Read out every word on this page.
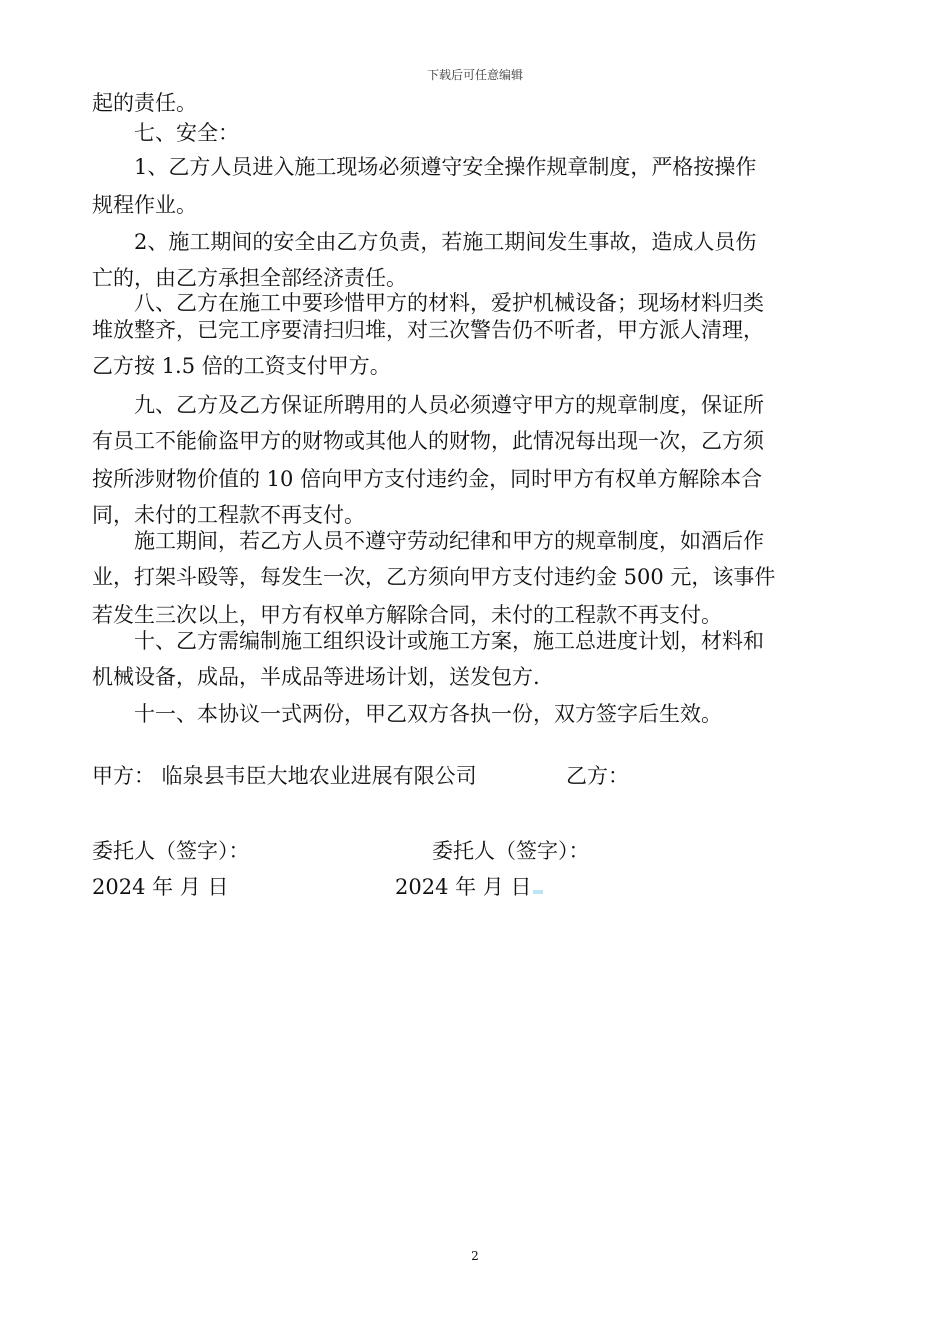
下载后可任意编辑
起的责任。
七、安全：
1、乙方人员进入施工现场必须遵守安全操作规章制度，严格按操作
规程作业。
2、施工期间的安全由乙方负责，若施工期间发生事故，造成人员伤
亡的，由乙方承担全部经济责任。
八、乙方在施工中要珍惜甲方的材料，爱护机械设备；现场材料归类
堆放整齐，已完工序要清扫归堆，对三次警告仍不听者，甲方派人清理，
乙方按 1.5 倍的工资支付甲方。
九、乙方及乙方保证所聘用的人员必须遵守甲方的规章制度，保证所
有员工不能偷盗甲方的财物或其他人的财物，此情况每出现一次，乙方须
按所涉财物价值的 10 倍向甲方支付违约金，同时甲方有权单方解除本合
同，未付的工程款不再支付。
施工期间，若乙方人员不遵守劳动纪律和甲方的规章制度，如酒后作
业，打架斗殴等，每发生一次，乙方须向甲方支付违约金 500 元，该事件
若发生三次以上，甲方有权单方解除合同，未付的工程款不再支付。
十、乙方需编制施工组织设计或施工方案，施工总进度计划，材料和
机械设备，成品，半成品等进场计划，送发包方.
十一、本协议一式两份，甲乙双方各执一份，双方签字后生效。
甲方： 临泉县韦臣大地农业进展有限公司	乙方：
委托人（签字）：	委托人（签字）：
2024 年 月 日	2024 年 月 日
2
